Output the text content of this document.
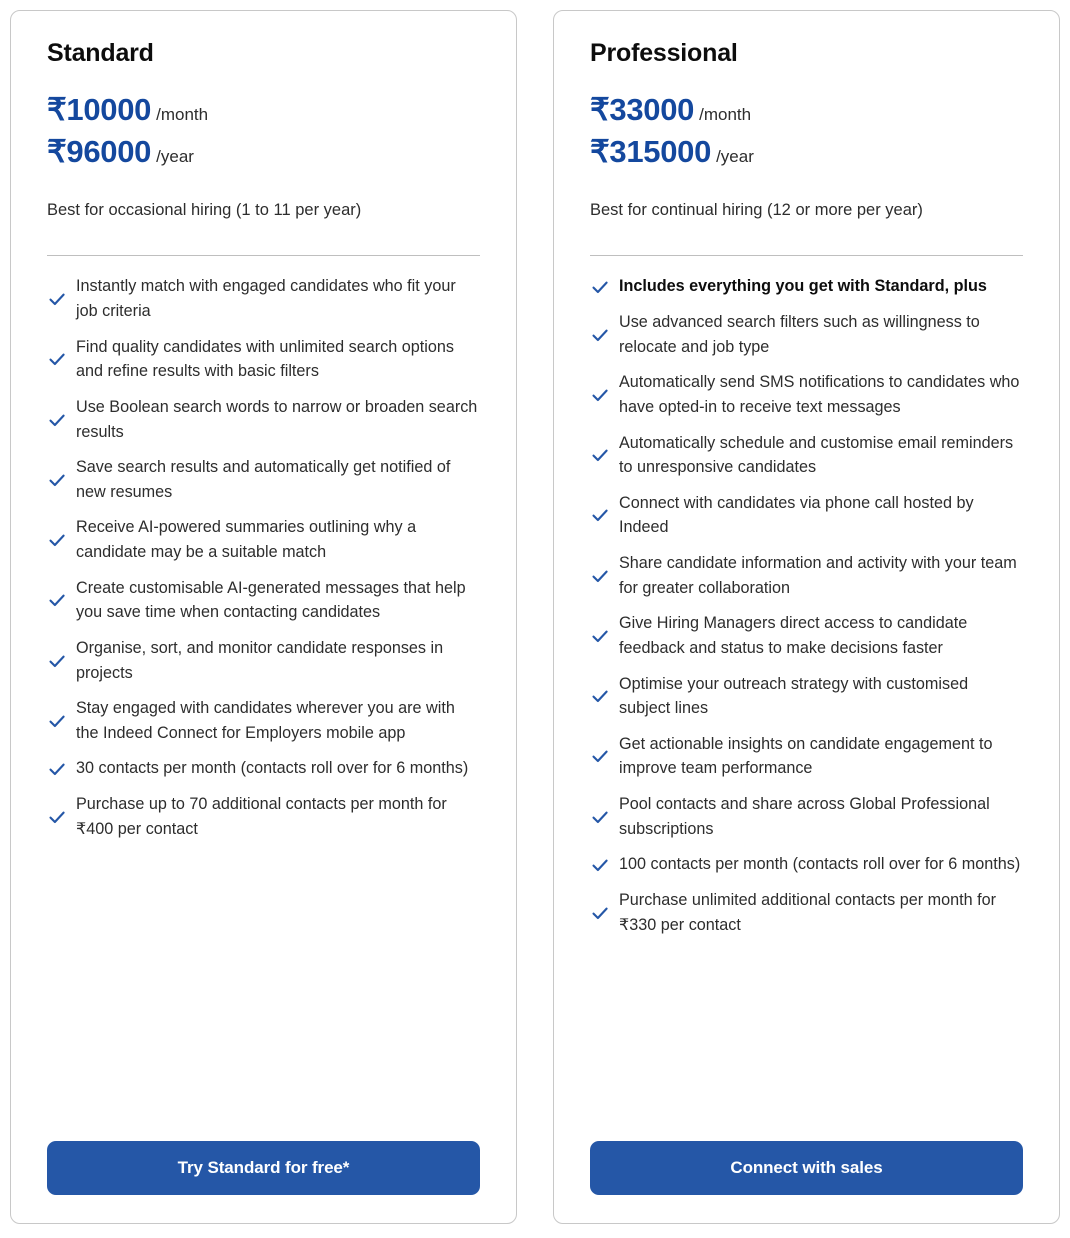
Standard
₹10000 /month
₹96000 /year

Best for occasional hiring (1 to 11 per year)

Instantly match with engaged candidates who fit your job criteria
Find quality candidates with unlimited search options and refine results with basic filters
Use Boolean search words to narrow or broaden search results
Save search results and automatically get notified of new resumes
Receive AI-powered summaries outlining why a candidate may be a suitable match
Create customisable AI-generated messages that help you save time when contacting candidates
Organise, sort, and monitor candidate responses in projects
Stay engaged with candidates wherever you are with the Indeed Connect for Employers mobile app
30 contacts per month (contacts roll over for 6 months)
Purchase up to 70 additional contacts per month for ₹400 per contact
Try Standard for free*
Professional
₹33000 /month
₹315000 /year

Best for continual hiring (12 or more per year)

Includes everything you get with Standard, plus
Use advanced search filters such as willingness to relocate and job type
Automatically send SMS notifications to candidates who have opted-in to receive text messages
Automatically schedule and customise email reminders to unresponsive candidates
Connect with candidates via phone call hosted by Indeed
Share candidate information and activity with your team for greater collaboration
Give Hiring Managers direct access to candidate feedback and status to make decisions faster
Optimise your outreach strategy with customised subject lines
Get actionable insights on candidate engagement to improve team performance
Pool contacts and share across Global Professional subscriptions
100 contacts per month (contacts roll over for 6 months)
Purchase unlimited additional contacts per month for ₹330 per contact
Connect with sales
